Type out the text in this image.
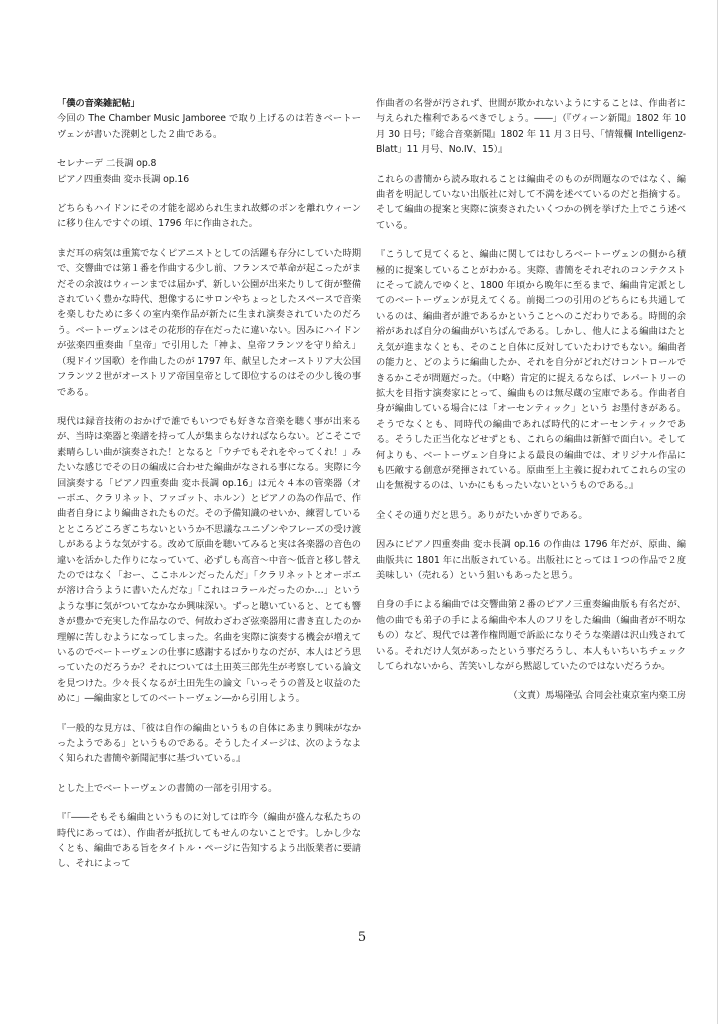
「僕の音楽雑記帖」
今回の The Chamber Music Jamboree で取り上げるのは若きベートーヴェンが書いた溌剌とした２曲である。

セレナーデ 二長調 op.8
ピアノ四重奏曲 変ホ長調 op.16

どちらもハイドンにその才能を認められ生まれ故郷のボンを離れウィーンに移り住んですぐの頃、1796 年に作曲された。

まだ耳の病気は重篤でなくピアニストとしての活躍も存分にしていた時期で、交響曲では第１番を作曲する少し前、フランスで革命が起こったがまだその余波はウィーンまでは届かず、新しい公園が出来たりして街が整備されていく豊かな時代、想像するにサロンやちょっとしたスペースで音楽を楽しむために多くの室内楽作品が新たに生まれ演奏されていたのだろう。ベートーヴェンはその花形的存在だったに違いない。因みにハイドンが弦楽四重奏曲「皇帝」で引用した「神よ、皇帝フランツを守り給え」（現ドイツ国歌）を作曲したのが 1797 年、献呈したオーストリア大公国フランツ２世がオーストリア帝国皇帝として即位するのはその少し後の事である。

現代は録音技術のおかげで誰でもいつでも好きな音楽を聴く事が出来るが、当時は楽器と楽譜を持って人が集まらなければならない。どこそこで素晴らしい曲が演奏された！となると「ウチでもそれをやってくれ！」みたいな感じでその日の編成に合わせた編曲がなされる事になる。実際に今回演奏する「ピアノ四重奏曲 変ホ長調 op.16」は元々４本の管楽器（オーボエ、クラリネット、ファゴット、ホルン）とピアノの為の作品で、作曲者自身により編曲されたものだ。その予備知識のせいか、練習しているとところどころぎこちないというか不思議なユニゾンやフレーズの受け渡しがあるような気がする。改めて原曲を聴いてみると実は各楽器の音色の違いを活かした作りになっていて、必ずしも高音〜中音〜低音と移し替えたのではなく「おー、ここホルンだったんだ」「クラリネットとオーボエが溶け合うように書いたんだな」「これはコラールだったのか…」というような事に気がついてなかなか興味深い。ずっと聴いていると、とても響きが豊かで充実した作品なので、何故わざわざ弦楽器用に書き直したのか理解に苦しむようになってしまった。名曲を実際に演奏する機会が増えているのでベートーヴェンの仕事に感謝するばかりなのだが、本人はどう思っていたのだろうか？それについては土田英三郎先生が考察している論文を見つけた。少々長くなるが土田先生の論文「いっそうの普及と収益のために」―編曲家としてのベートーヴェン―から引用しよう。

『一般的な見方は、「彼は自作の編曲というもの自体にあまり興味がなかったようである」というものである。そうしたイメージは、次のようなよく知られた書簡や新聞記事に基づいている。』

とした上でベートーヴェンの書簡の一部を引用する。

『「――そもそも編曲というものに対しては昨今（編曲が盛んな私たちの時代にあっては）、作曲者が抵抗してもせんのないことです。しかし少なくとも、編曲である旨をタイトル・ページに告知するよう出版業者に要請し、それによって

作曲者の名誉が汚されず、世間が欺かれないようにすることは、作曲者に与えられた権利であるべきでしょう。――」（『ヴィーン新聞』1802 年 10 月 30 日号；『総合音楽新聞』1802 年 11 月３日号、「情報欄 Intelligenz-Blatt」11 月号、No.IV、15）』

これらの書簡から読み取れることは編曲そのものが問題なのではなく、編曲者を明記していない出版社に対して不満を述べているのだと指摘する。そして編曲の提案と実際に演奏されたいくつかの例を挙げた上でこう述べている。

『こうして見てくると、編曲に関してはむしろベートーヴェンの側から積極的に提案していることがわかる。実際、書簡をそれぞれのコンテクストにそって読んでゆくと、1800 年頃から晩年に至るまで、編曲肯定派としてのベートーヴェンが見えてくる。前掲二つの引用のどちらにも共通しているのは、編曲者が誰であるかということへのこだわりである。時間的余裕があれば自分の編曲がいちばんである。しかし、他人による編曲はたとえ気が進まなくとも、そのこと自体に反対していたわけでもない。編曲者の能力と、どのように編曲したか、それを自分がどれだけコントロールできるかこそが問題だった。（中略）肯定的に捉えるならば、レパートリーの拡大を目指す演奏家にとって、編曲ものは無尽蔵の宝庫である。作曲者自身が編曲している場合には「オーセンティック」という お墨付きがある。そうでなくとも、同時代の編曲であれば時代的にオーセンティックである。そうした正当化などせずとも、これらの編曲は新鮮で面白い。そして何よりも、ベートーヴェン自身による最良の編曲では、オリジナル作品にも匹敵する創意が発揮されている。原曲至上主義に捉われてこれらの宝の山を無視するのは、いかにももったいないというものである。』

全くその通りだと思う。ありがたいかぎりである。

因みにピアノ四重奏曲 変ホ長調 op.16 の作曲は 1796 年だが、原曲、編曲版共に 1801 年に出版されている。出版社にとっては１つの作品で２度美味しい（売れる）という狙いもあったと思う。

自身の手による編曲では交響曲第２番のピアノ三重奏編曲版も有名だが、他の曲でも弟子の手による編曲や本人のフリをした編曲（編曲者が不明なもの）など、現代では著作権問題で訴訟になりそうな楽譜は沢山残されている。それだけ人気があったという事だろうし、本人もいちいちチェックしてられないから、苦笑いしながら黙認していたのではないだろうか。

（文責）馬場隆弘 合同会社東京室内楽工房

5
